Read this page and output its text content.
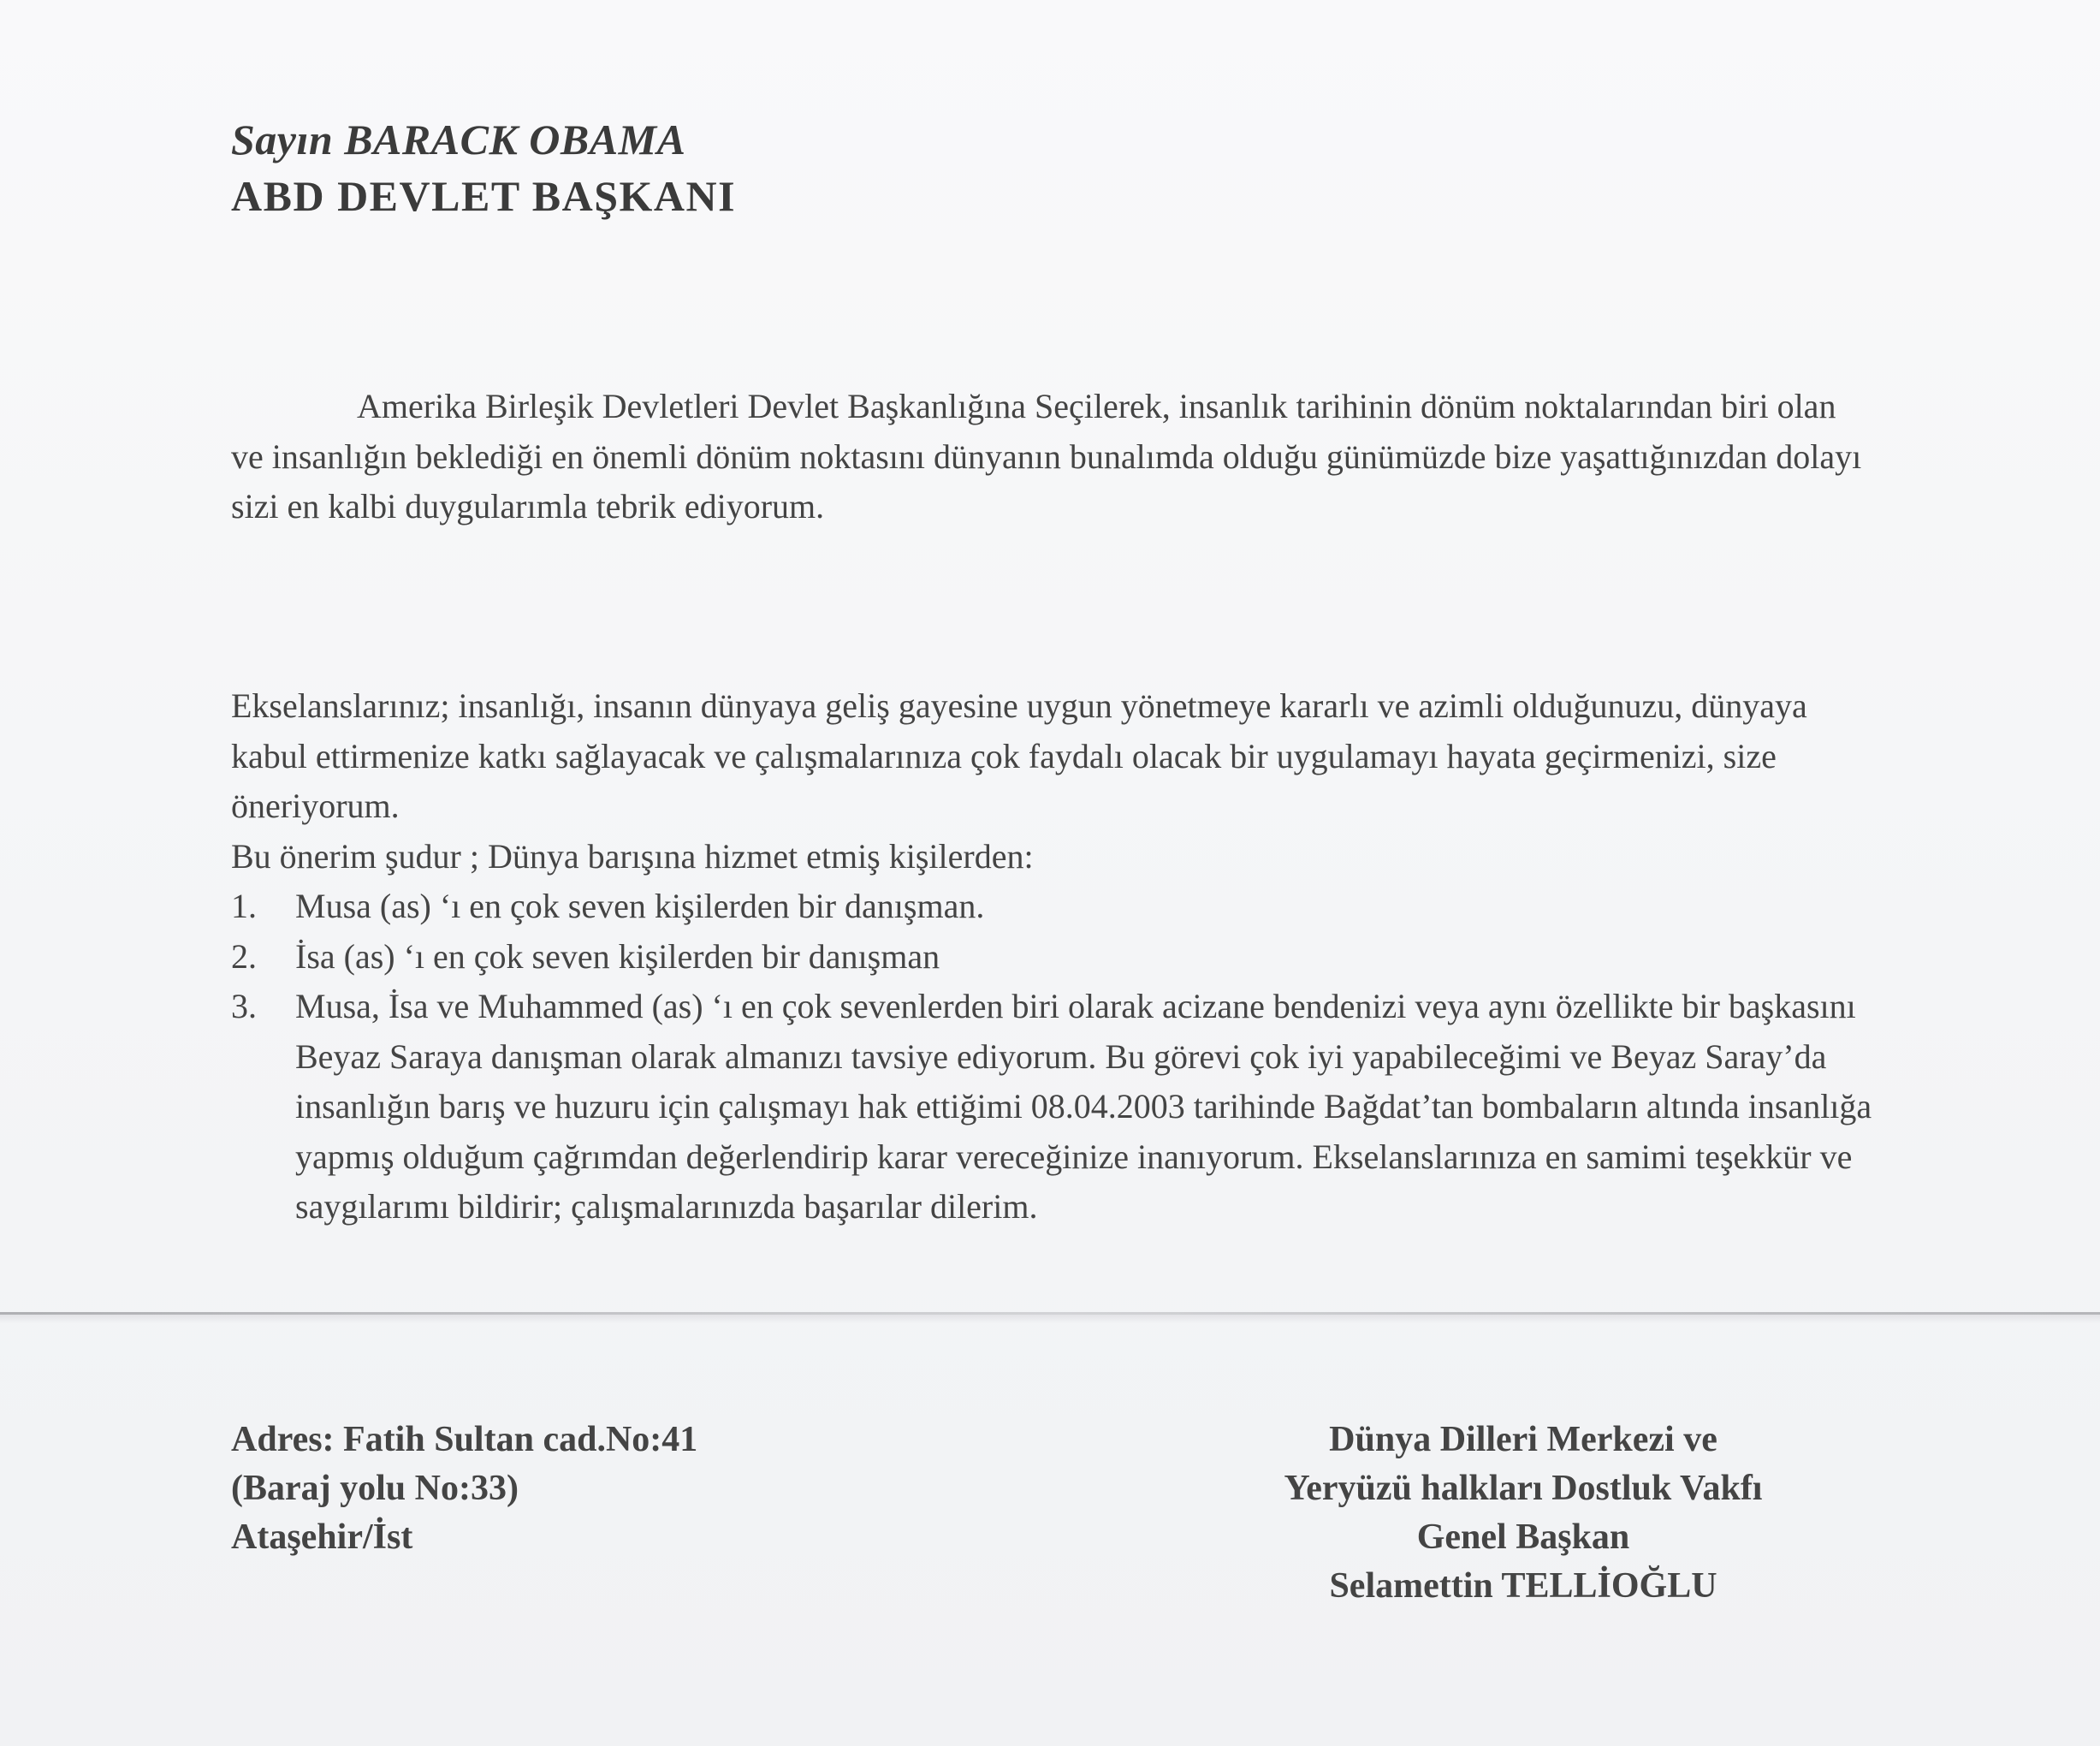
Sayın BARACK OBAMA
ABD DEVLET BAŞKANI
Amerika Birleşik Devletleri Devlet Başkanlığına Seçilerek, insanlık tarihinin dönüm noktalarından biri olan ve insanlığın beklediği en önemli dönüm noktasını dünyanın bunalımda olduğu günümüzde bize yaşattığınızdan dolayı sizi en kalbi duygularımla tebrik ediyorum.

Ekselanslarınız; insanlığı, insanın dünyaya geliş gayesine uygun yönetmeye kararlı ve azimli olduğunuzu, dünyaya kabul ettirmenize katkı sağlayacak ve çalışmalarınıza çok faydalı olacak bir uygulamayı hayata geçirmenizi, size öneriyorum.

Bu önerim şudur ; Dünya barışına hizmet etmiş kişilerden:

1. Musa (as) ‘ı en çok seven kişilerden bir danışman.
2. İsa (as) ‘ı en çok seven kişilerden bir danışman
3. Musa, İsa ve Muhammed (as) ‘ı en çok sevenlerden biri olarak acizane bendenizi veya aynı özellikte bir başkasını Beyaz Saraya danışman olarak almanızı tavsiye ediyorum. Bu görevi çok iyi yapabileceğimi ve Beyaz Saray’da insanlığın barış ve huzuru için çalışmayı hak ettiğimi 08.04.2003 tarihinde Bağdat’tan bombaların altında insanlığa yapmış olduğum çağrımdan değerlendirip karar vereceğinize inanıyorum. Ekselanslarınıza en samimi teşekkür ve saygılarımı bildirir; çalışmalarınızda başarılar dilerim.
Adres: Fatih Sultan cad.No:41
(Baraj yolu No:33)
Ataşehir/İst
Dünya Dilleri Merkezi ve
Yeryüzü halkları Dostluk Vakfı
Genel Başkan
Selamettin TELLİOĞLU
